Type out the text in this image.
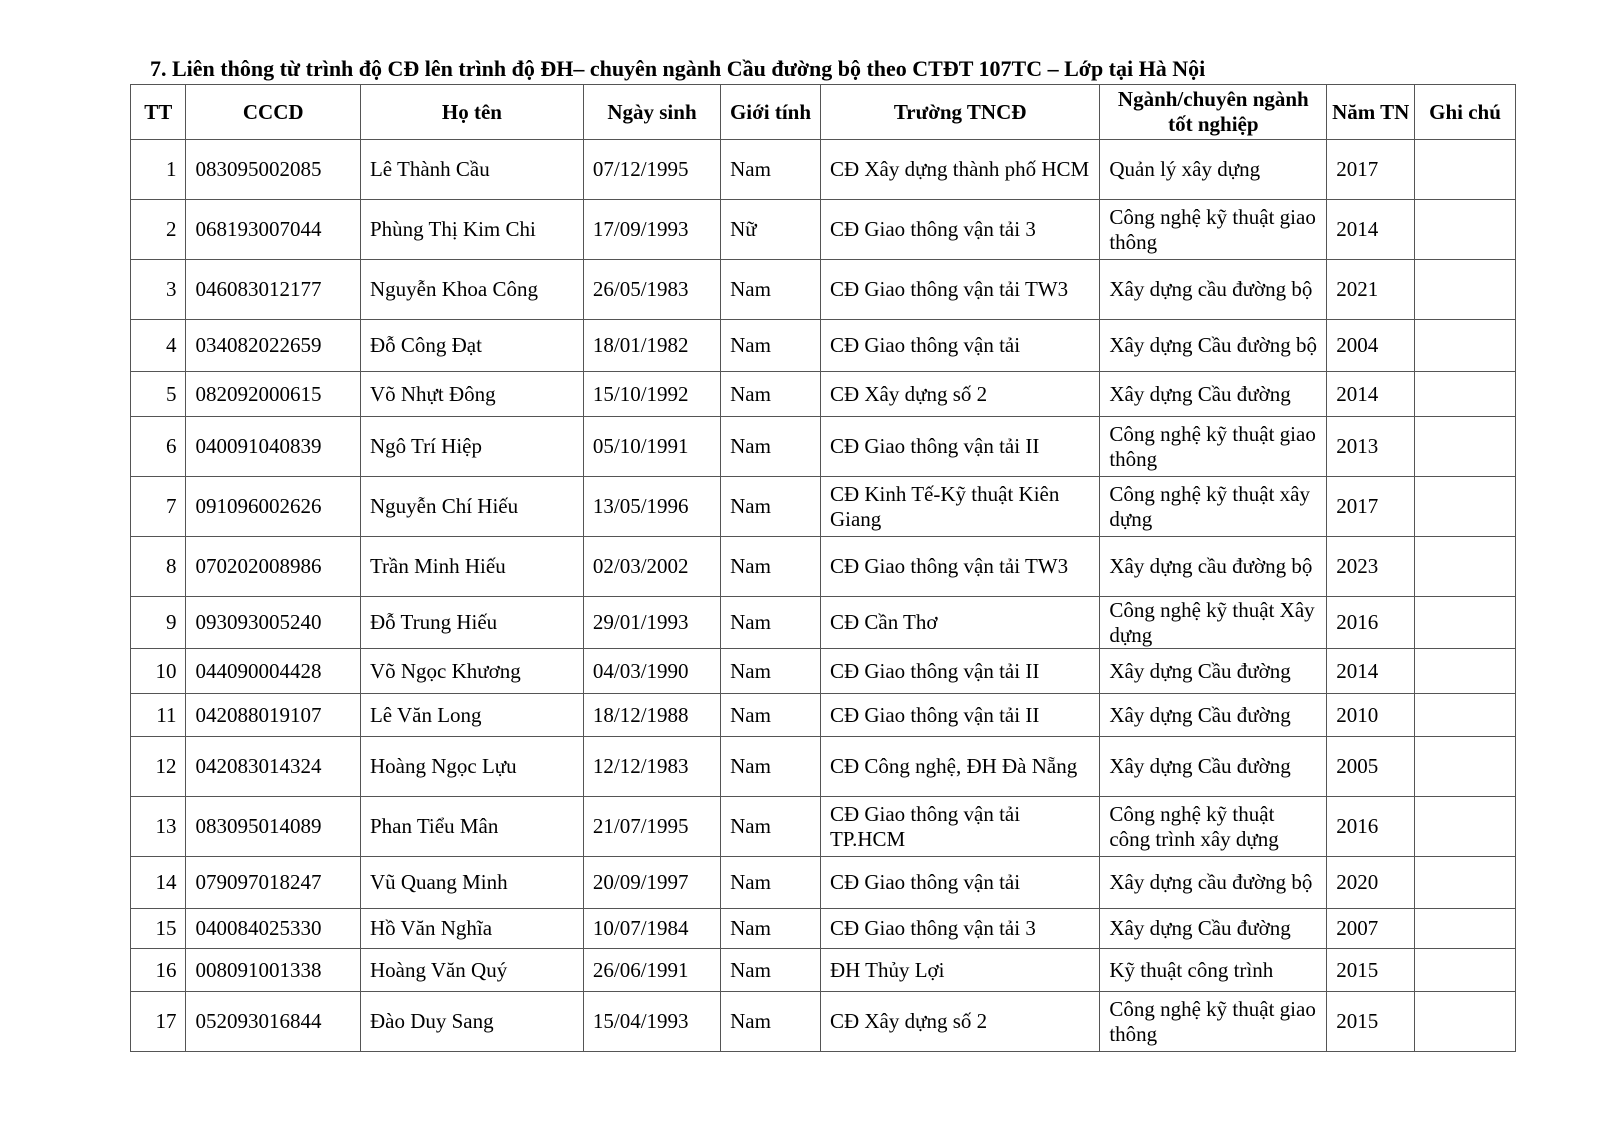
7. Liên thông từ trình độ CĐ lên trình độ ĐH– chuyên ngành Cầu đường bộ theo CTĐT 107TC – Lớp tại Hà Nội
TT	CCCD	Họ tên	Ngày sinh	Giới tính	Trường TNCĐ	Ngành/chuyên ngành tốt nghiệp	Năm TN	Ghi chú
1	083095002085	Lê Thành Cầu	07/12/1995	Nam	CĐ Xây dựng thành phố HCM	Quản lý xây dựng	2017	
2	068193007044	Phùng Thị Kim Chi	17/09/1993	Nữ	CĐ Giao thông vận tải 3	Công nghệ kỹ thuật giao thông	2014	
3	046083012177	Nguyễn Khoa Công	26/05/1983	Nam	CĐ Giao thông vận tải TW3	Xây dựng cầu đường bộ	2021	
4	034082022659	Đỗ Công Đạt	18/01/1982	Nam	CĐ Giao thông vận tải	Xây dựng Cầu đường bộ	2004	
5	082092000615	Võ Nhựt Đông	15/10/1992	Nam	CĐ Xây dựng số 2	Xây dựng Cầu đường	2014	
6	040091040839	Ngô Trí Hiệp	05/10/1991	Nam	CĐ Giao thông vận tải II	Công nghệ kỹ thuật giao thông	2013	
7	091096002626	Nguyễn Chí Hiếu	13/05/1996	Nam	CĐ Kinh Tế-Kỹ thuật Kiên Giang	Công nghệ kỹ thuật xây dựng	2017	
8	070202008986	Trần Minh Hiếu	02/03/2002	Nam	CĐ Giao thông vận tải TW3	Xây dựng cầu đường bộ	2023	
9	093093005240	Đỗ Trung Hiếu	29/01/1993	Nam	CĐ Cần Thơ	Công nghệ kỹ thuật Xây dựng	2016	
10	044090004428	Võ Ngọc Khương	04/03/1990	Nam	CĐ Giao thông vận tải II	Xây dựng Cầu đường	2014	
11	042088019107	Lê Văn Long	18/12/1988	Nam	CĐ Giao thông vận tải II	Xây dựng Cầu đường	2010	
12	042083014324	Hoàng Ngọc Lựu	12/12/1983	Nam	CĐ Công nghệ, ĐH Đà Nẵng	Xây dựng Cầu đường	2005	
13	083095014089	Phan Tiểu Mân	21/07/1995	Nam	CĐ Giao thông vận tải TP.HCM	Công nghệ kỹ thuật công trình xây dựng	2016	
14	079097018247	Vũ Quang Minh	20/09/1997	Nam	CĐ Giao thông vận tải	Xây dựng cầu đường bộ	2020	
15	040084025330	Hồ Văn Nghĩa	10/07/1984	Nam	CĐ Giao thông vận tải 3	Xây dựng Cầu đường	2007	
16	008091001338	Hoàng Văn Quý	26/06/1991	Nam	ĐH Thủy Lợi	Kỹ thuật công trình	2015	
17	052093016844	Đào Duy Sang	15/04/1993	Nam	CĐ Xây dựng số 2	Công nghệ kỹ thuật giao thông	2015	
